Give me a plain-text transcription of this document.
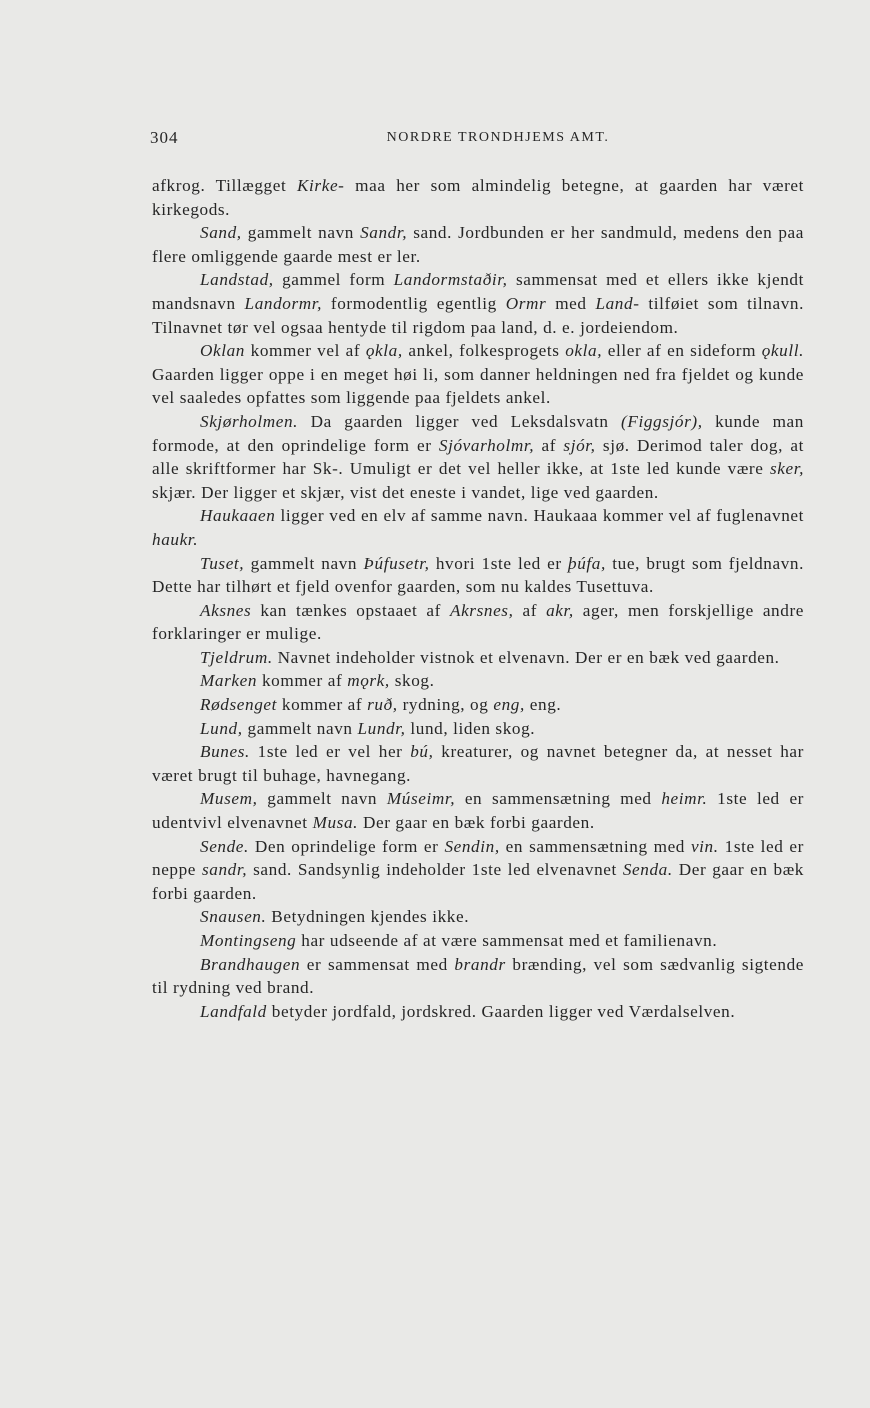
304	NORDRE TRONDHJEMS AMT.

afkrog. Tillægget Kirke- maa her som almindelig betegne, at gaarden har været kirkegods.

Sand, gammelt navn Sandr, sand. Jordbunden er her sandmuld, medens den paa flere omliggende gaarde mest er ler.

Landstad, gammel form Landormstaðir, sammensat med et ellers ikke kjendt mandsnavn Landormr, formodentlig egentlig Ormr med Land- tilføiet som tilnavn. Tilnavnet tør vel ogsaa hentyde til rigdom paa land, d. e. jordeiendom.

Oklan kommer vel af ǫkla, ankel, folkesprogets okla, eller af en sideform ǫkull. Gaarden ligger oppe i en meget høi li, som danner heldningen ned fra fjeldet og kunde vel saaledes opfattes som liggende paa fjeldets ankel.

Skjørholmen. Da gaarden ligger ved Leksdalsvatn (Figgsjór), kunde man formode, at den oprindelige form er Sjóvarholmr, af sjór, sjø. Derimod taler dog, at alle skriftformer har Sk-. Umuligt er det vel heller ikke, at 1ste led kunde være sker, skjær. Der ligger et skjær, vist det eneste i vandet, lige ved gaarden.

Haukaaen ligger ved en elv af samme navn. Haukaaa kommer vel af fuglenavnet haukr.

Tuset, gammelt navn Þúfusetr, hvori 1ste led er þúfa, tue, brugt som fjeldnavn. Dette har tilhørt et fjeld ovenfor gaarden, som nu kaldes Tusettuva.

Aksnes kan tænkes opstaaet af Akrsnes, af akr, ager, men forskjellige andre forklaringer er mulige.

Tjeldrum. Navnet indeholder vistnok et elvenavn. Der er en bæk ved gaarden.

Marken kommer af mǫrk, skog.

Rødsenget kommer af ruð, rydning, og eng, eng.

Lund, gammelt navn Lundr, lund, liden skog.

Bunes. 1ste led er vel her bú, kreaturer, og navnet betegner da, at nesset har været brugt til buhage, havnegang.

Musem, gammelt navn Múseimr, en sammensætning med heimr. 1ste led er udentvivl elvenavnet Musa. Der gaar en bæk forbi gaarden.

Sende. Den oprindelige form er Sendin, en sammensætning med vin. 1ste led er neppe sandr, sand. Sandsynlig indeholder 1ste led elvenavnet Senda. Der gaar en bæk forbi gaarden.

Snausen. Betydningen kjendes ikke.

Montingseng har udseende af at være sammensat med et familienavn.

Brandhaugen er sammensat med brandr brænding, vel som sædvanlig sigtende til rydning ved brand.

Landfald betyder jordfald, jordskred. Gaarden ligger ved Værdalselven.
